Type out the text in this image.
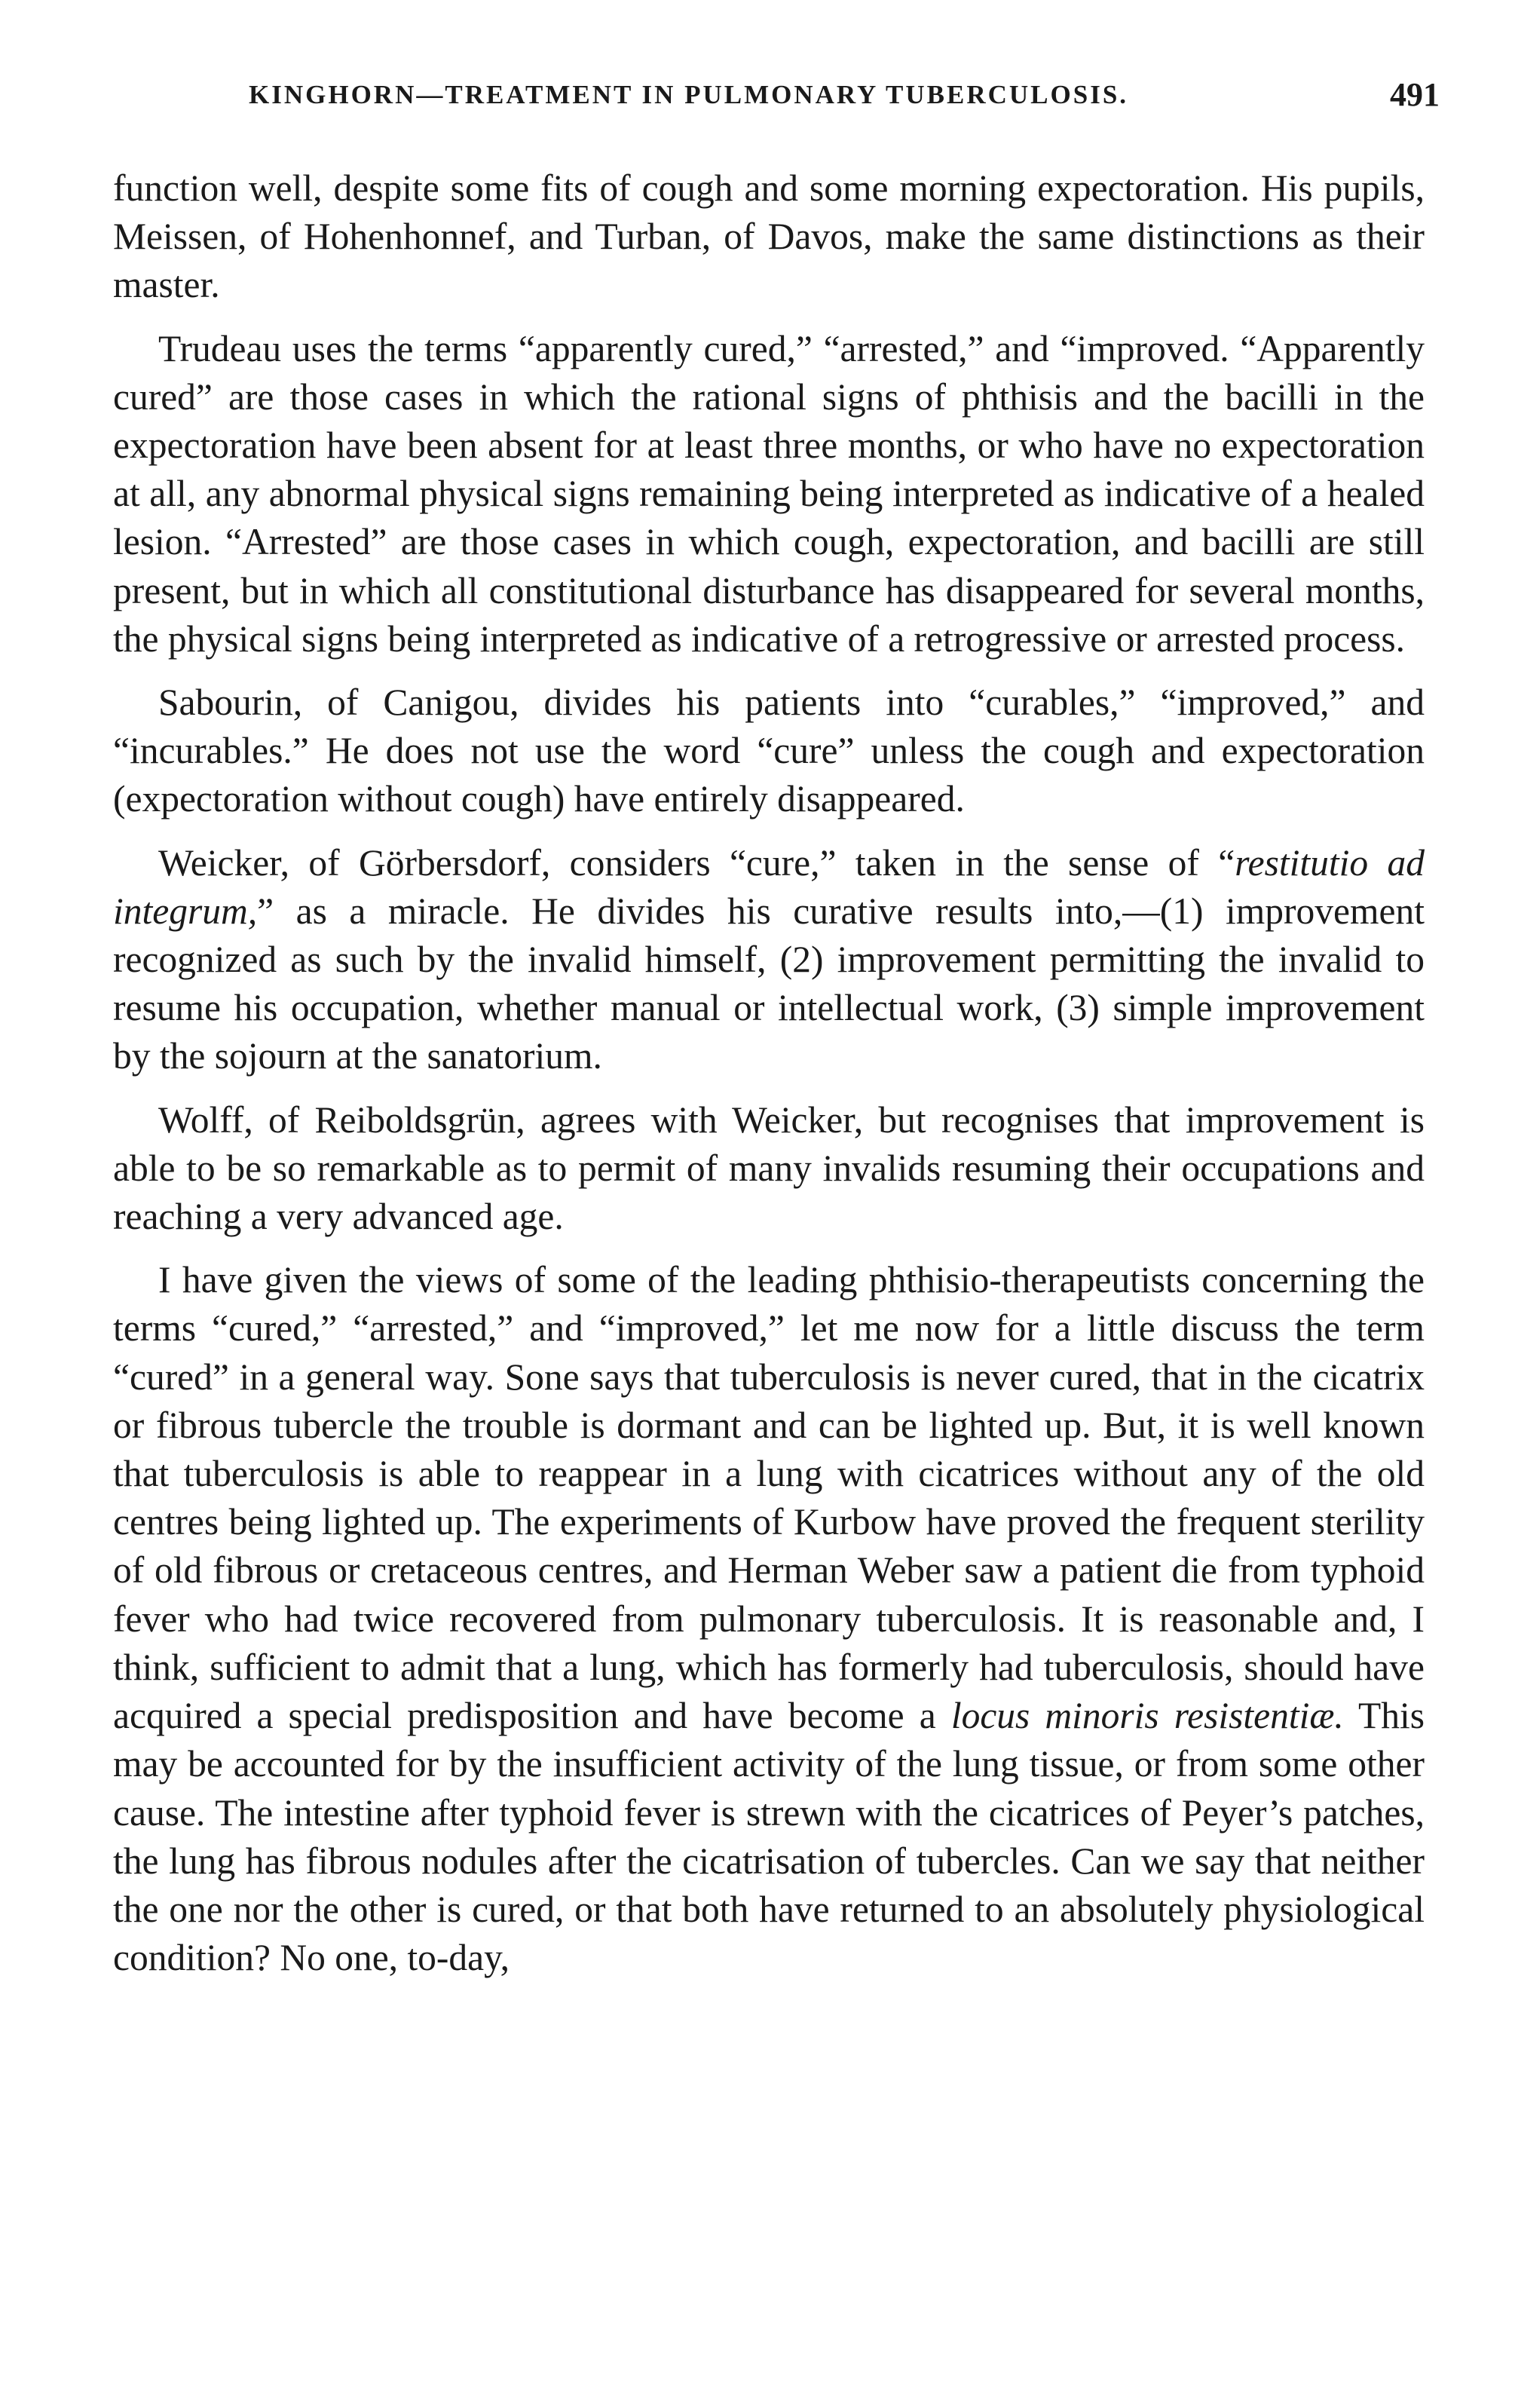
KINGHORN—TREATMENT IN PULMONARY TUBERCULOSIS.	491

function well, despite some fits of cough and some morning expectoration. His pupils, Meissen, of Hohenhonnef, and Turban, of Davos, make the same distinctions as their master.

Trudeau uses the terms “apparently cured,” “arrested,” and “improved. “Apparently cured” are those cases in which the rational signs of phthisis and the bacilli in the expectoration have been absent for at least three months, or who have no expectoration at all, any abnormal physical signs remaining being interpreted as indicative of a healed lesion. “Arrested” are those cases in which cough, expectoration, and bacilli are still present, but in which all constitutional disturbance has disappeared for several months, the physical signs being interpreted as indicative of a retrogressive or arrested process.

Sabourin, of Canigou, divides his patients into “curables,” “improved,” and “incurables.” He does not use the word “cure” unless the cough and expectoration (expectoration without cough) have entirely disappeared.

Weicker, of Görbersdorf, considers “cure,” taken in the sense of “restitutio ad integrum,” as a miracle. He divides his curative results into,—(1) improvement recognized as such by the invalid himself, (2) improvement permitting the invalid to resume his occupation, whether manual or intellectual work, (3) simple improvement by the sojourn at the sanatorium.

Wolff, of Reiboldsgrün, agrees with Weicker, but recognises that improvement is able to be so remarkable as to permit of many invalids resuming their occupations and reaching a very advanced age.

I have given the views of some of the leading phthisio-therapeutists concerning the terms “cured,” “arrested,” and “improved,” let me now for a little discuss the term “cured” in a general way. Sone says that tuberculosis is never cured, that in the cicatrix or fibrous tubercle the trouble is dormant and can be lighted up. But, it is well known that tuberculosis is able to reappear in a lung with cicatrices without any of the old centres being lighted up. The experiments of Kurbow have proved the frequent sterility of old fibrous or cretaceous centres, and Herman Weber saw a patient die from typhoid fever who had twice recovered from pulmonary tuberculosis. It is reasonable and, I think, sufficient to admit that a lung, which has formerly had tuberculosis, should have acquired a special predisposition and have become a locus minoris resistentiæ. This may be accounted for by the insufficient activity of the lung tissue, or from some other cause. The intestine after typhoid fever is strewn with the cicatrices of Peyer’s patches, the lung has fibrous nodules after the cicatrisation of tubercles. Can we say that neither the one nor the other is cured, or that both have returned to an absolutely physiological condition? No one, to-day,
